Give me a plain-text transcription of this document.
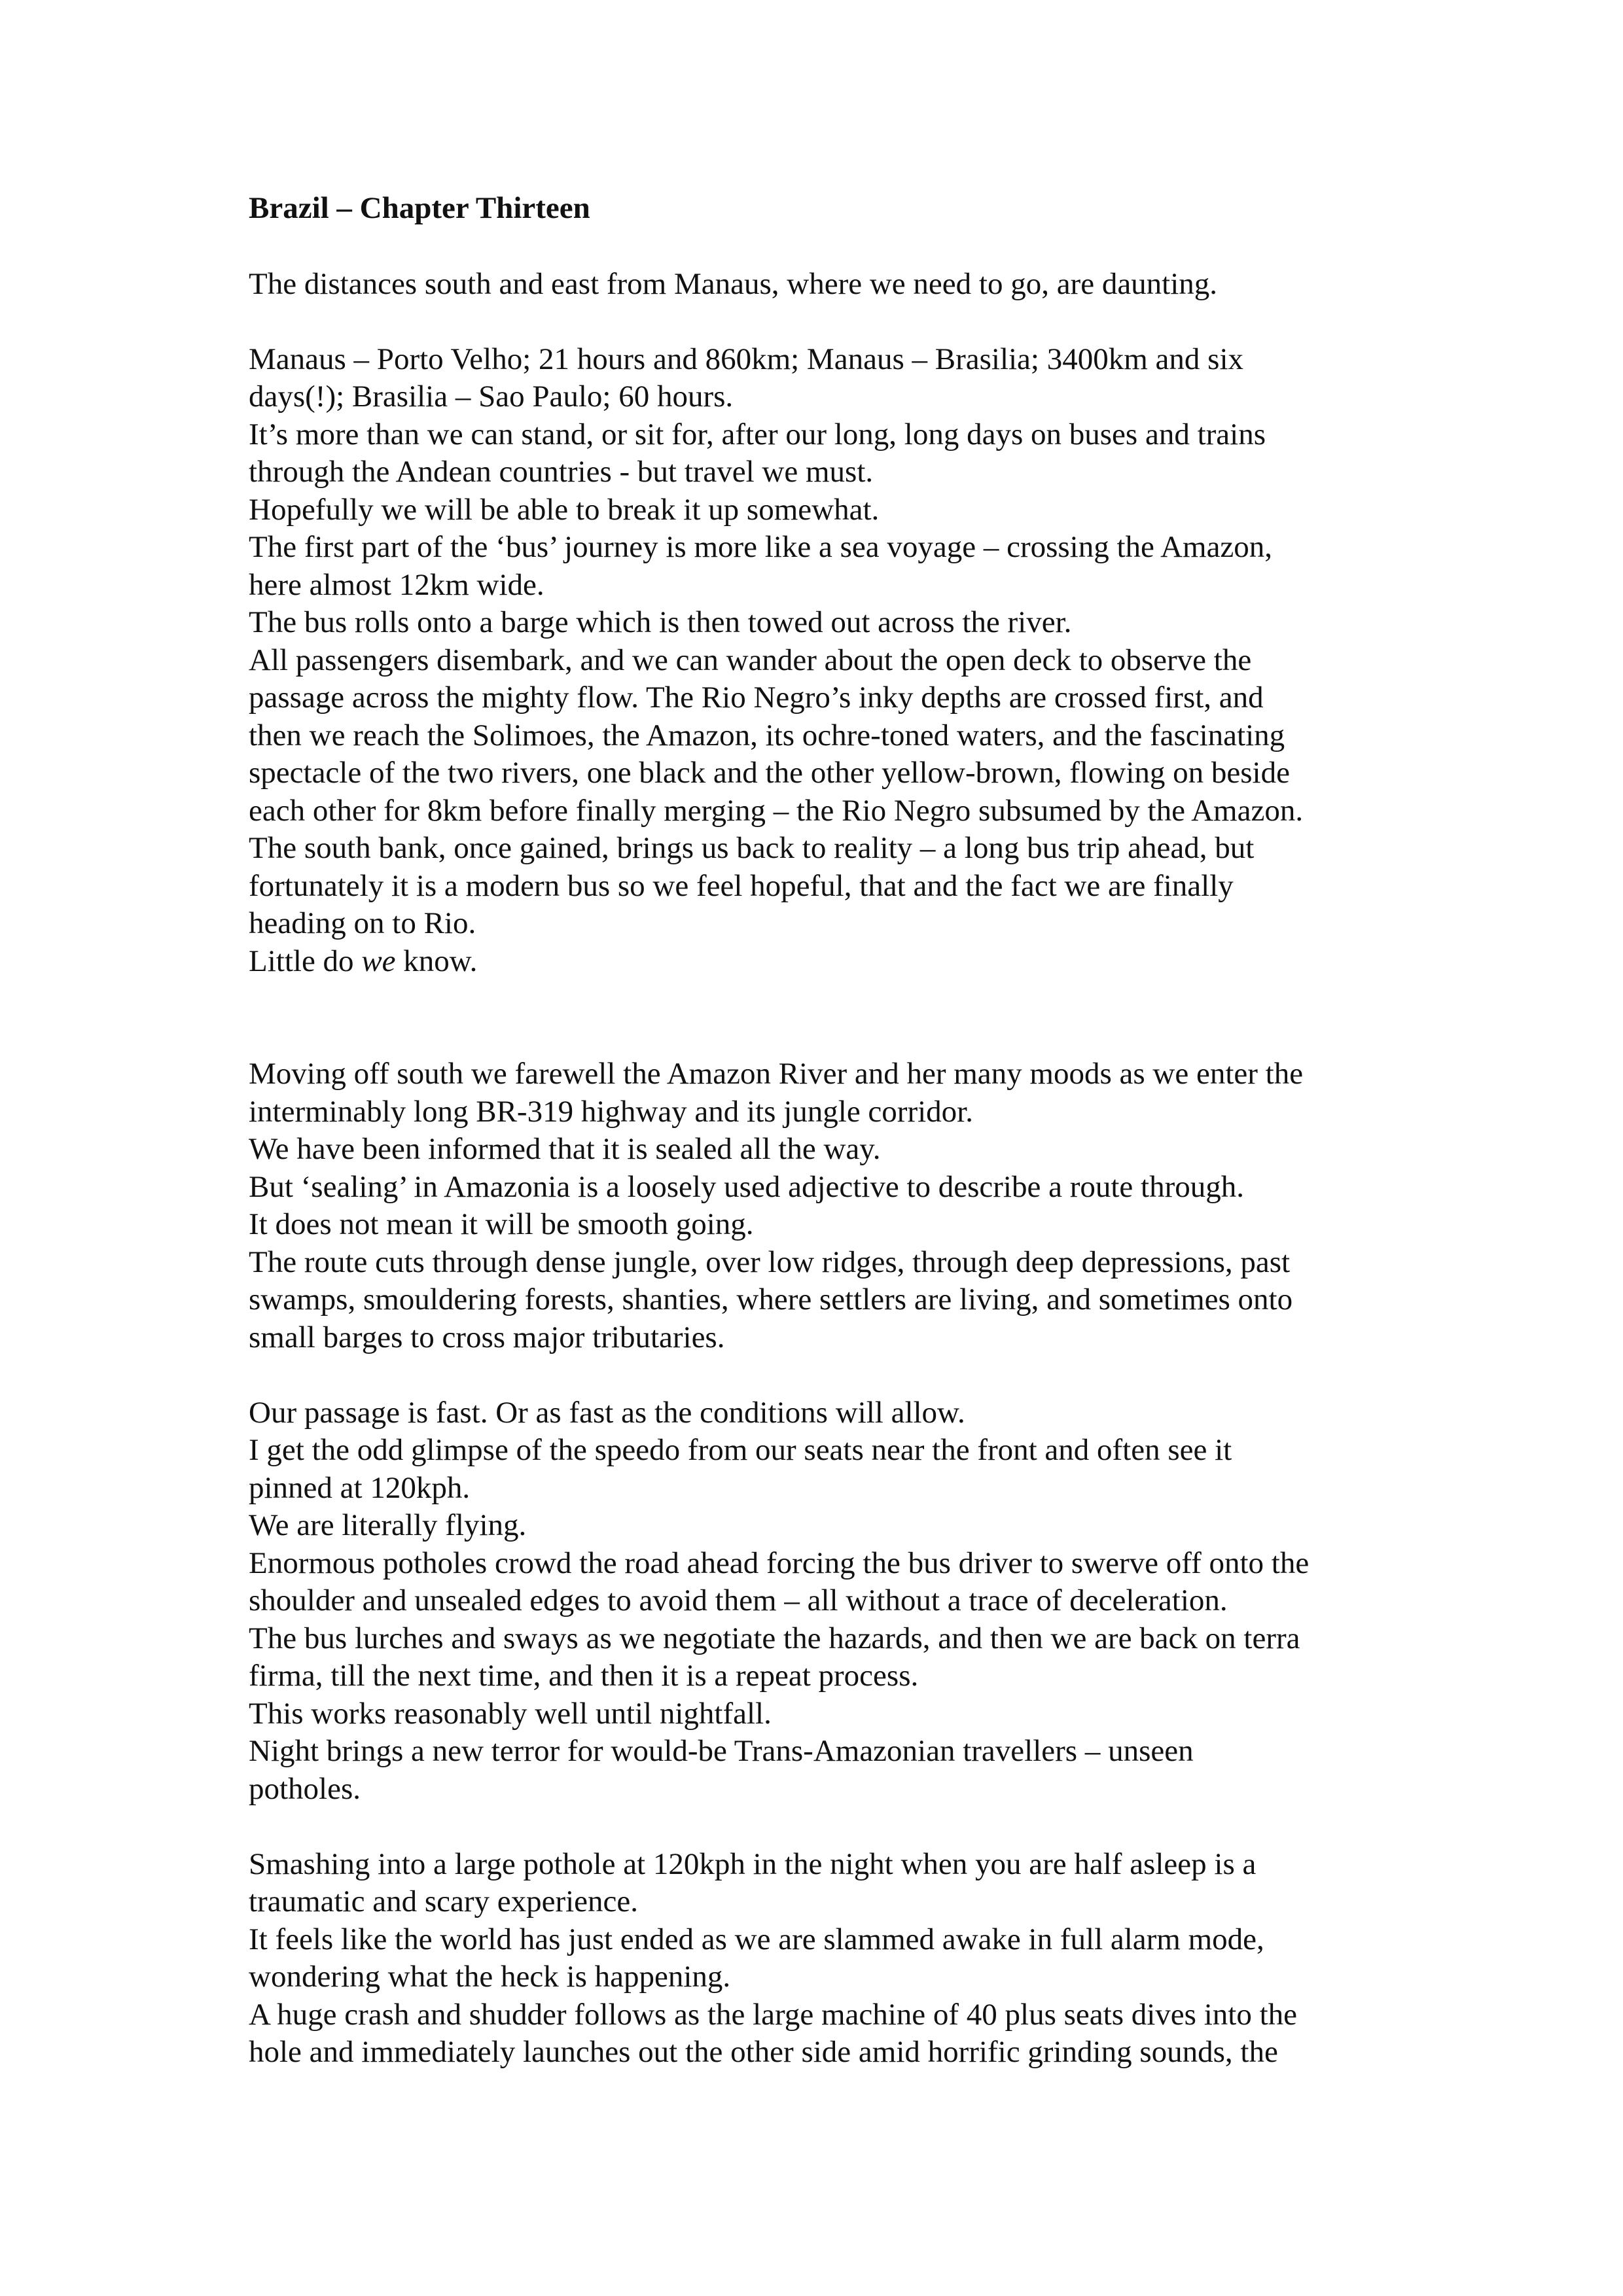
Brazil – Chapter Thirteen
The distances south and east from Manaus, where we need to go, are daunting.
Manaus – Porto Velho; 21 hours and 860km; Manaus – Brasilia; 3400km and six
days(!); Brasilia – Sao Paulo; 60 hours.
It’s more than we can stand, or sit for, after our long, long days on buses and trains
through the Andean countries - but travel we must.
Hopefully we will be able to break it up somewhat.
The first part of the ‘bus’ journey is more like a sea voyage – crossing the Amazon,
here almost 12km wide.
The bus rolls onto a barge which is then towed out across the river.
All passengers disembark, and we can wander about the open deck to observe the
passage across the mighty flow. The Rio Negro’s inky depths are crossed first, and
then we reach the Solimoes, the Amazon, its ochre-toned waters, and the fascinating
spectacle of the two rivers, one black and the other yellow-brown, flowing on beside
each other for 8km before finally merging – the Rio Negro subsumed by the Amazon.
The south bank, once gained, brings us back to reality – a long bus trip ahead, but
fortunately it is a modern bus so we feel hopeful, that and the fact we are finally
heading on to Rio.
Little do we know.
Moving off south we farewell the Amazon River and her many moods as we enter the
interminably long BR-319 highway and its jungle corridor.
We have been informed that it is sealed all the way.
But ‘sealing’ in Amazonia is a loosely used adjective to describe a route through.
It does not mean it will be smooth going.
The route cuts through dense jungle, over low ridges, through deep depressions, past
swamps, smouldering forests, shanties, where settlers are living, and sometimes onto
small barges to cross major tributaries.
Our passage is fast. Or as fast as the conditions will allow.
I get the odd glimpse of the speedo from our seats near the front and often see it
pinned at 120kph.
We are literally flying.
Enormous potholes crowd the road ahead forcing the bus driver to swerve off onto the
shoulder and unsealed edges to avoid them – all without a trace of deceleration.
The bus lurches and sways as we negotiate the hazards, and then we are back on terra
firma, till the next time, and then it is a repeat process.
This works reasonably well until nightfall.
Night brings a new terror for would-be Trans-Amazonian travellers – unseen
potholes.
Smashing into a large pothole at 120kph in the night when you are half asleep is a
traumatic and scary experience.
It feels like the world has just ended as we are slammed awake in full alarm mode,
wondering what the heck is happening.
A huge crash and shudder follows as the large machine of 40 plus seats dives into the
hole and immediately launches out the other side amid horrific grinding sounds, the
